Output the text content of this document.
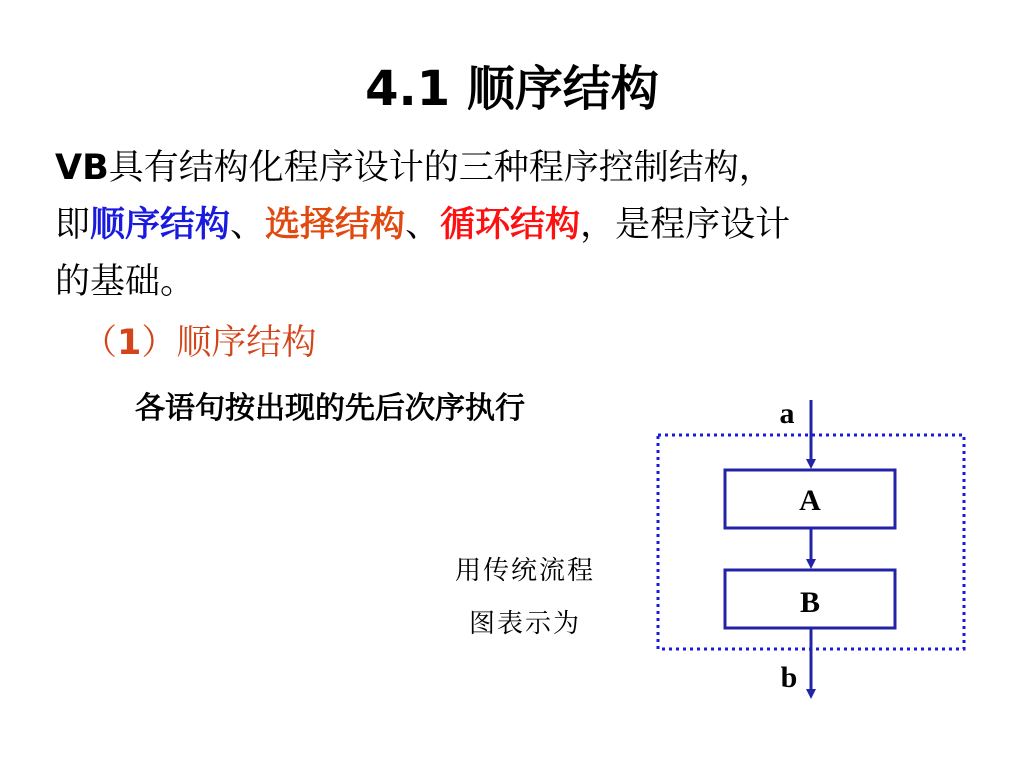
4.1 顺序结构
VB具有结构化程序设计的三种程序控制结构，
即顺序结构、选择结构、循环结构，是程序设计
的基础。
（1）顺序结构
各语句按出现的先后次序执行
用传统流程
图表示为
a
A
B
b
